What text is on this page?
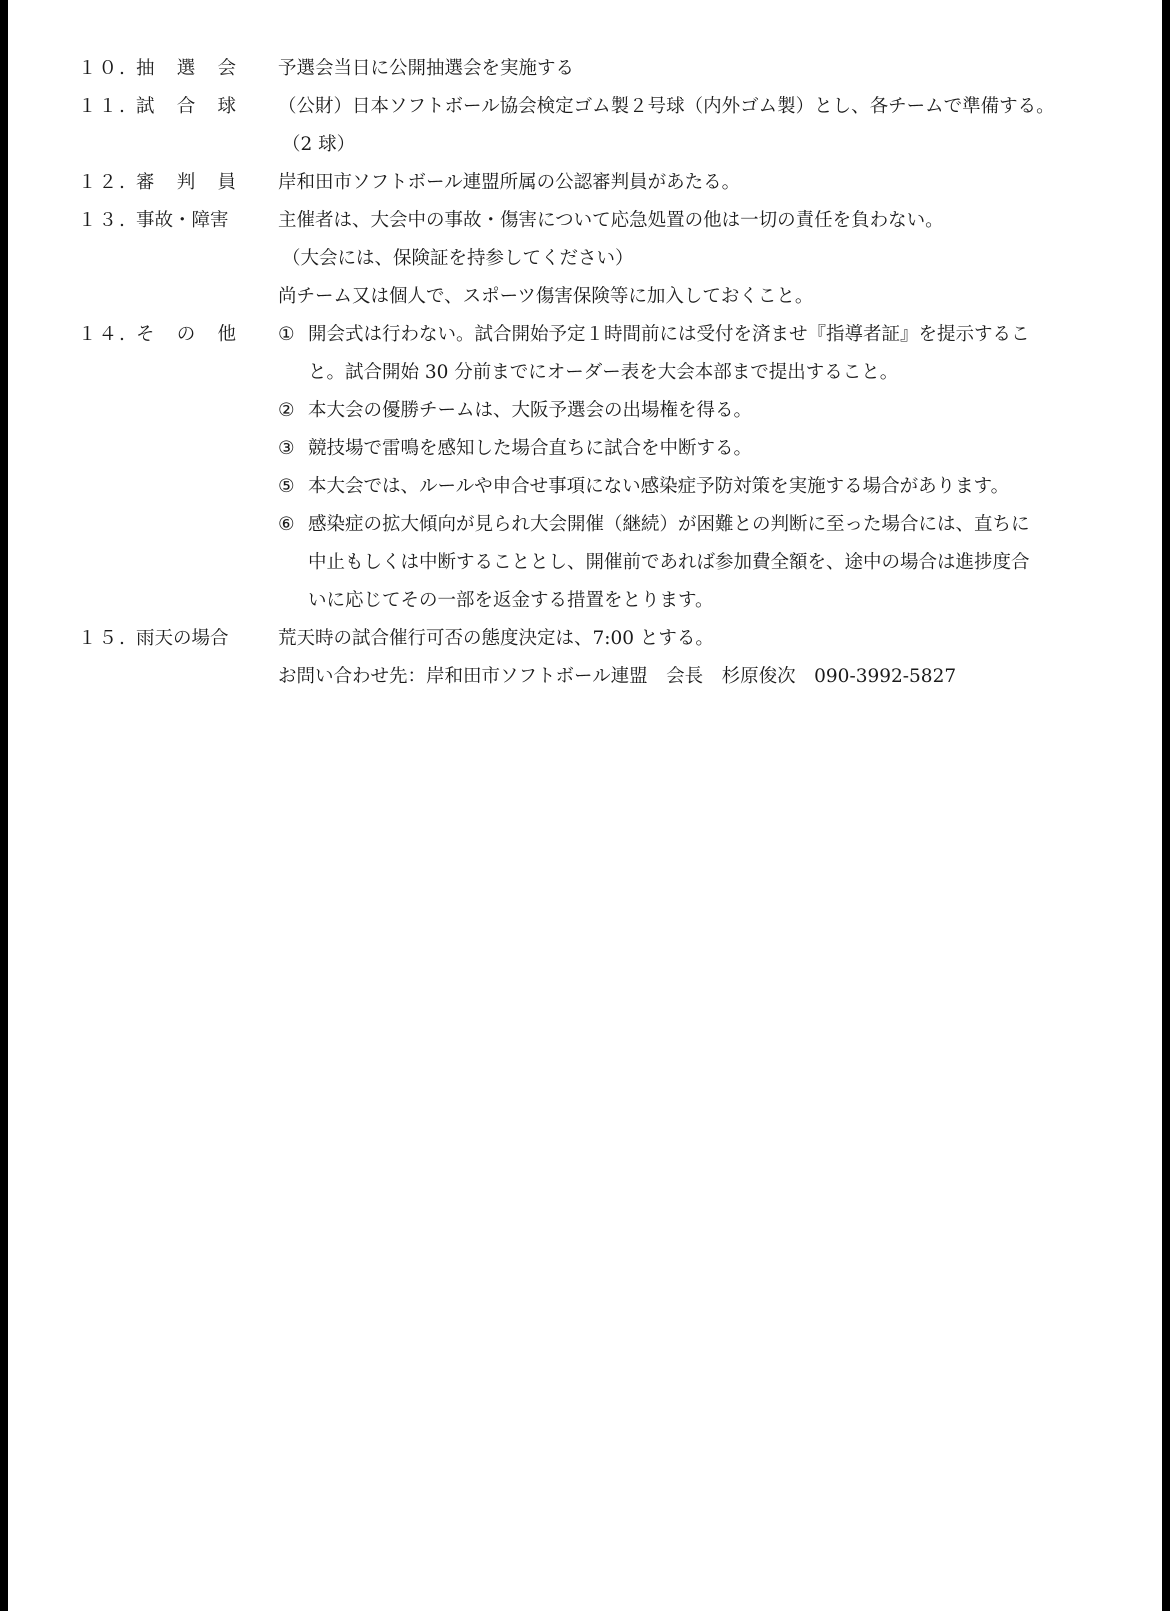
１０. 抽 選 会 予選会当日に公開抽選会を実施する
１１. 試 合 球 （公財）日本ソフトボール協会検定ゴム製２号球（内外ゴム製）とし、各チームで準備する。
（2 球）
１２. 審 判 員 岸和田市ソフトボール連盟所属の公認審判員があたる。
１３. 事故・障害	主催者は、大会中の事故・傷害について応急処置の他は一切の責任を負わない。
（大会には、保険証を持参してください）
尚チーム又は個人で、スポーツ傷害保険等に加入しておくこと。
１４. そ の 他 ① 開会式は行わない。試合開始予定１時間前には受付を済ませ『指導者証』を提示するこ
と。試合開始 30 分前までにオーダー表を大会本部まで提出すること。
② 本大会の優勝チームは、大阪予選会の出場権を得る。
③ 競技場で雷鳴を感知した場合直ちに試合を中断する。
⑤ 本大会では、ルールや申合せ事項にない感染症予防対策を実施する場合があります。
⑥ 感染症の拡大傾向が見られ大会開催（継続）が困難との判断に至った場合には、直ちに
中止もしくは中断することとし、開催前であれば参加費全額を、途中の場合は進捗度合
いに応じてその一部を返金する措置をとります。
１５. 雨天の場合	荒天時の試合催行可否の態度決定は、7:00 とする。
お問い合わせ先：岸和田市ソフトボール連盟　会長　杉原俊次　090-3992-5827
